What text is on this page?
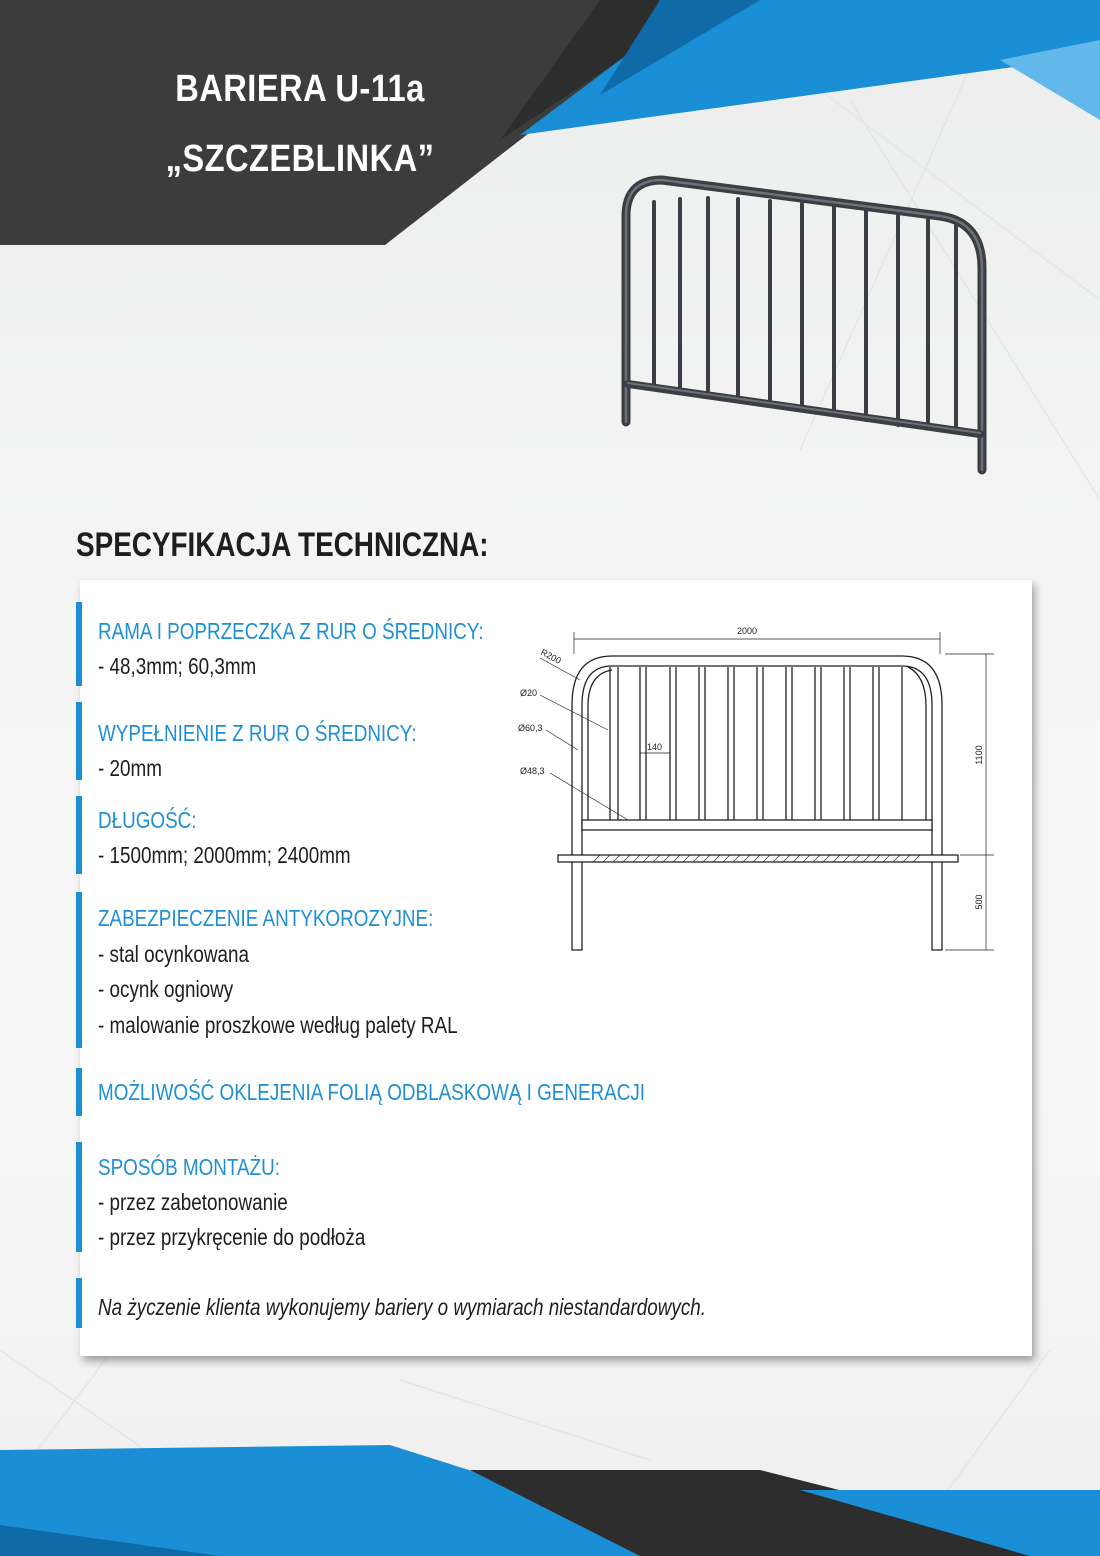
BARIERA U-11a
„SZCZEBLINKA”
SPECYFIKACJA TECHNICZNA:
RAMA I POPRZECZKA Z RUR O ŚREDNICY:
- 48,3mm; 60,3mm
WYPEŁNIENIE Z RUR O ŚREDNICY:
- 20mm
DŁUGOŚĆ:
- 1500mm; 2000mm; 2400mm
ZABEZPIECZENIE ANTYKOROZYJNE:
- stal ocynkowana
- ocynk ogniowy
- malowanie proszkowe według palety RAL
MOŻLIWOŚĆ OKLEJENIA FOLIĄ ODBLASKOWĄ I GENERACJI
SPOSÓB MONTAŻU:
- przez zabetonowanie
- przez przykręcenie do podłoża
Na życzenie klienta wykonujemy bariery o wymiarach niestandardowych.
2000
R200
Ø20
Ø60,3
140
Ø48,3
1100
500
